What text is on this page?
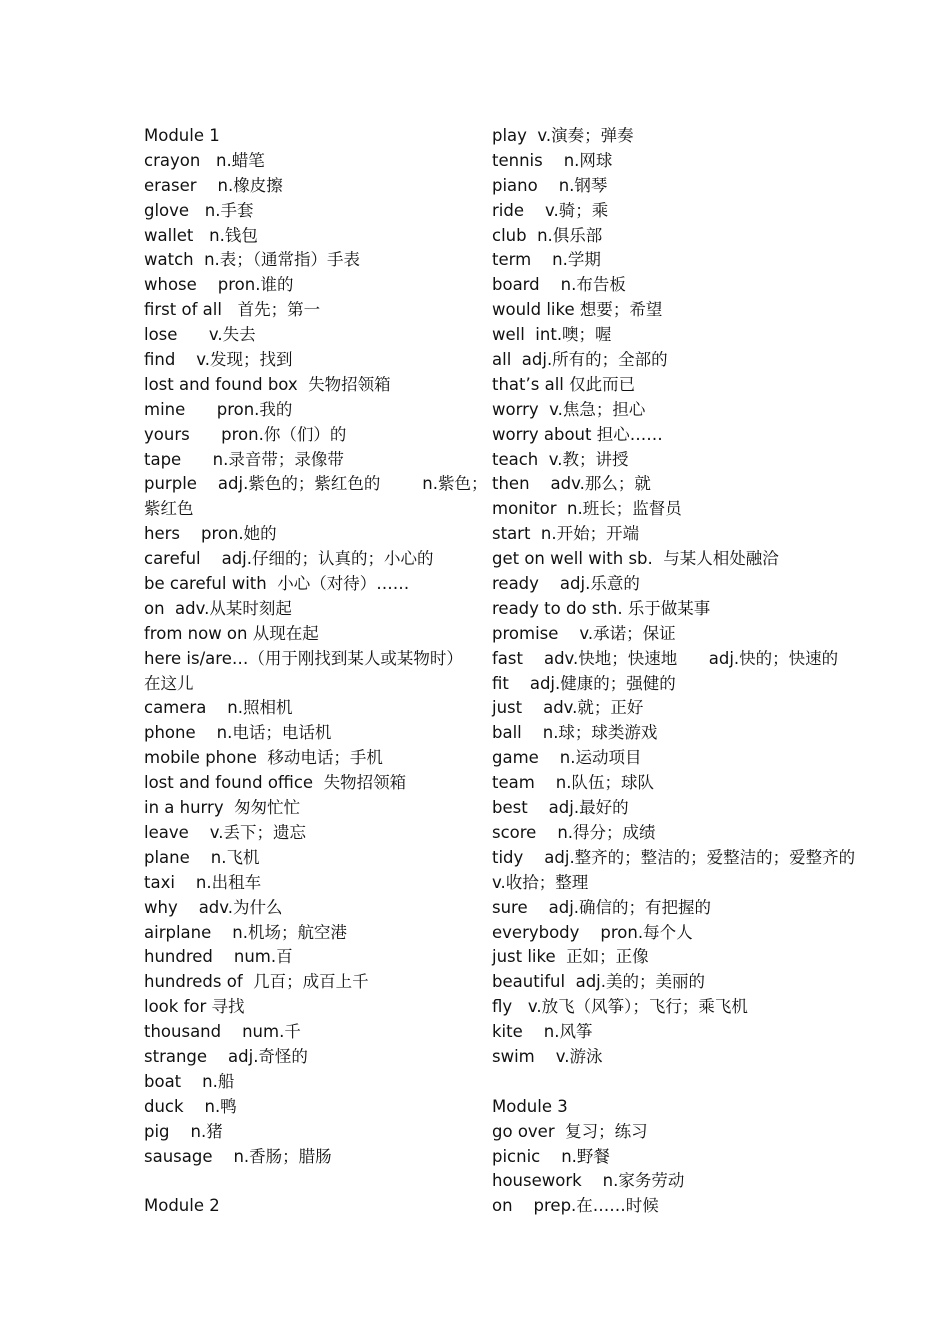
Module 1
crayon   n.蜡笔
eraser    n.橡皮擦
glove   n.手套
wallet   n.钱包
watch  n.表；（通常指）手表
whose    pron.谁的
first of all   首先；第一
lose      v.失去
find    v.发现；找到
lost and found box  失物招领箱
mine      pron.我的
yours      pron.你（们）的
tape      n.录音带；录像带
purple    adj.紫色的；紫红色的        n.紫色；
紫红色
hers    pron.她的
careful    adj.仔细的；认真的；小心的
be careful with  小心（对待）……
on  adv.从某时刻起
from now on 从现在起
here is/are…（用于刚找到某人或某物时）
在这儿
camera    n.照相机
phone    n.电话；电话机
mobile phone  移动电话；手机
lost and found office  失物招领箱
in a hurry  匆匆忙忙
leave    v.丢下；遗忘
plane    n.飞机
taxi    n.出租车
why    adv.为什么
airplane    n.机场；航空港
hundred    num.百
hundreds of  几百；成百上千
look for 寻找
thousand    num.千
strange    adj.奇怪的
boat    n.船
duck    n.鸭
pig    n.猪
sausage    n.香肠；腊肠
Module 2
play  v.演奏；弹奏
tennis    n.网球
piano    n.钢琴
ride    v.骑；乘
club  n.俱乐部
term    n.学期
board    n.布告板
would like 想要；希望
well  int.噢；喔
all  adj.所有的；全部的
that’s all 仅此而已
worry  v.焦急；担心
worry about 担心……
teach  v.教；讲授
then    adv.那么；就
monitor  n.班长；监督员
start  n.开始；开端
get on well with sb.  与某人相处融洽
ready    adj.乐意的
ready to do sth. 乐于做某事
promise    v.承诺；保证
fast    adv.快地；快速地      adj.快的；快速的
fit    adj.健康的；强健的
just    adv.就；正好
ball    n.球；球类游戏
game    n.运动项目
team    n.队伍；球队
best    adj.最好的
score    n.得分；成绩
tidy    adj.整齐的；整洁的；爱整洁的；爱整齐的
v.收拾；整理
sure    adj.确信的；有把握的
everybody    pron.每个人
just like  正如；正像
beautiful  adj.美的；美丽的
fly   v.放飞（风筝）；飞行；乘飞机
kite    n.风筝
swim    v.游泳
Module 3
go over  复习；练习
picnic    n.野餐
housework    n.家务劳动
on    prep.在……时候
